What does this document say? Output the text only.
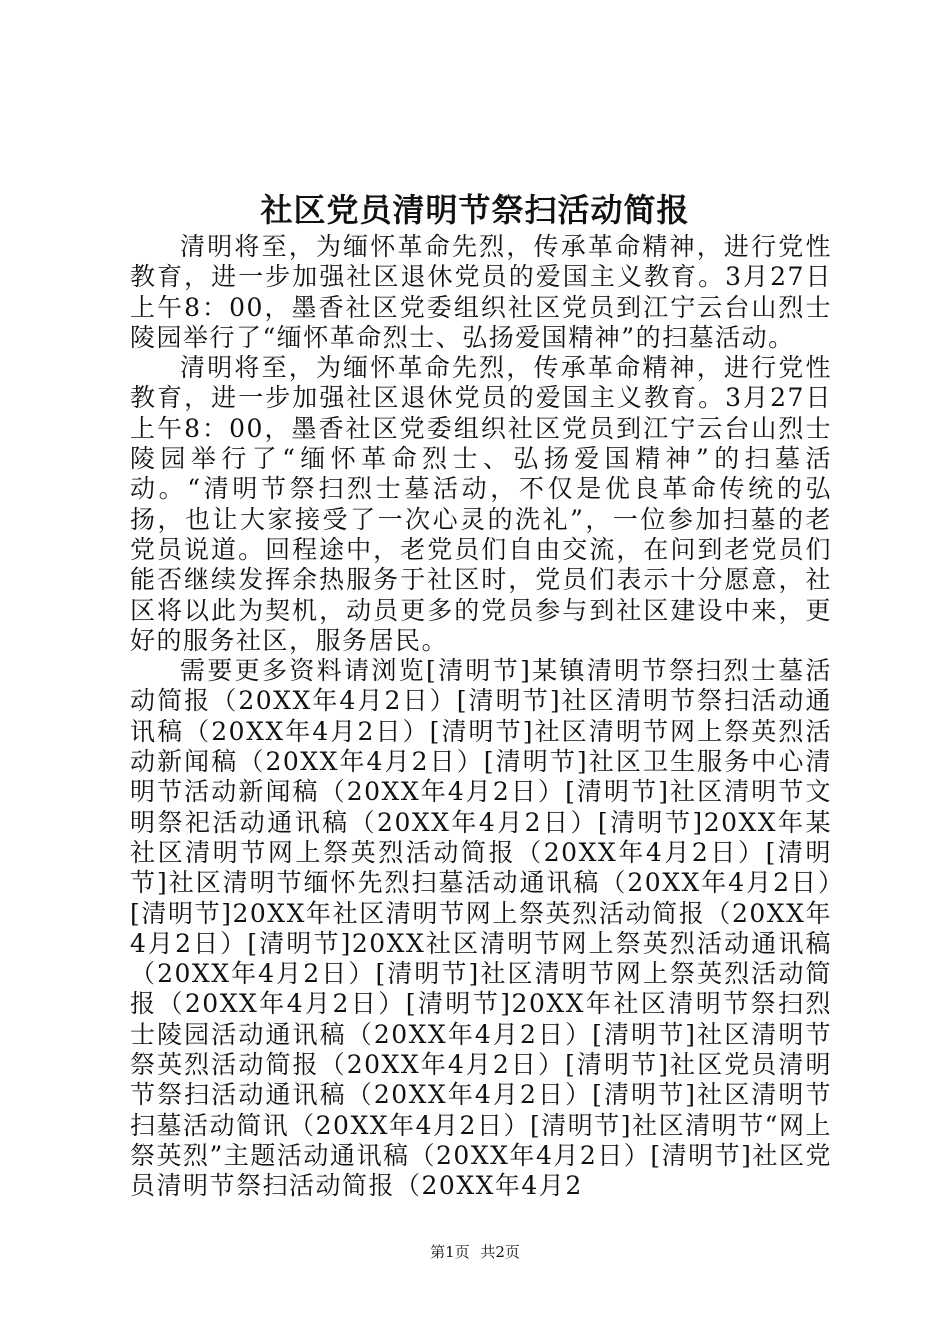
社区党员清明节祭扫活动简报

清明将至，为缅怀革命先烈，传承革命精神，进行党性教育，进一步加强社区退休党员的爱国主义教育。3月27日上午8：00，墨香社区党委组织社区党员到江宁云台山烈士陵园举行了“缅怀革命烈士、弘扬爱国精神”的扫墓活动。

清明将至，为缅怀革命先烈，传承革命精神，进行党性教育，进一步加强社区退休党员的爱国主义教育。3月27日上午8：00，墨香社区党委组织社区党员到江宁云台山烈士陵园举行了“缅怀革命烈士、弘扬爱国精神”的扫墓活动。“清明节祭扫烈士墓活动，不仅是优良革命传统的弘扬，也让大家接受了一次心灵的洗礼”，一位参加扫墓的老党员说道。回程途中，老党员们自由交流，在问到老党员们能否继续发挥余热服务于社区时，党员们表示十分愿意，社区将以此为契机，动员更多的党员参与到社区建设中来，更好的服务社区，服务居民。

需要更多资料请浏览[清明节]某镇清明节祭扫烈士墓活动简报（20XX年4月2日）[清明节]社区清明节祭扫活动通讯稿（20XX年4月2日）[清明节]社区清明节网上祭英烈活动新闻稿（20XX年4月2日）[清明节]社区卫生服务中心清明节活动新闻稿（20XX年4月2日）[清明节]社区清明节文明祭祀活动通讯稿（20XX年4月2日）[清明节]20XX年某社区清明节网上祭英烈活动简报（20XX年4月2日）[清明节]社区清明节缅怀先烈扫墓活动通讯稿（20XX年4月2日）[清明节]20XX年社区清明节网上祭英烈活动简报（20XX年4月2日）[清明节]20XX社区清明节网上祭英烈活动通讯稿（20XX年4月2日）[清明节]社区清明节网上祭英烈活动简报（20XX年4月2日）[清明节]20XX年社区清明节祭扫烈士陵园活动通讯稿（20XX年4月2日）[清明节]社区清明节祭英烈活动简报（20XX年4月2日）[清明节]社区党员清明节祭扫活动通讯稿（20XX年4月2日）[清明节]社区清明节扫墓活动简讯（20XX年4月2日）[清明节]社区清明节“网上祭英烈”主题活动通讯稿（20XX年4月2日）[清明节]社区党员清明节祭扫活动简报（20XX年4月2

第1页 共2页
